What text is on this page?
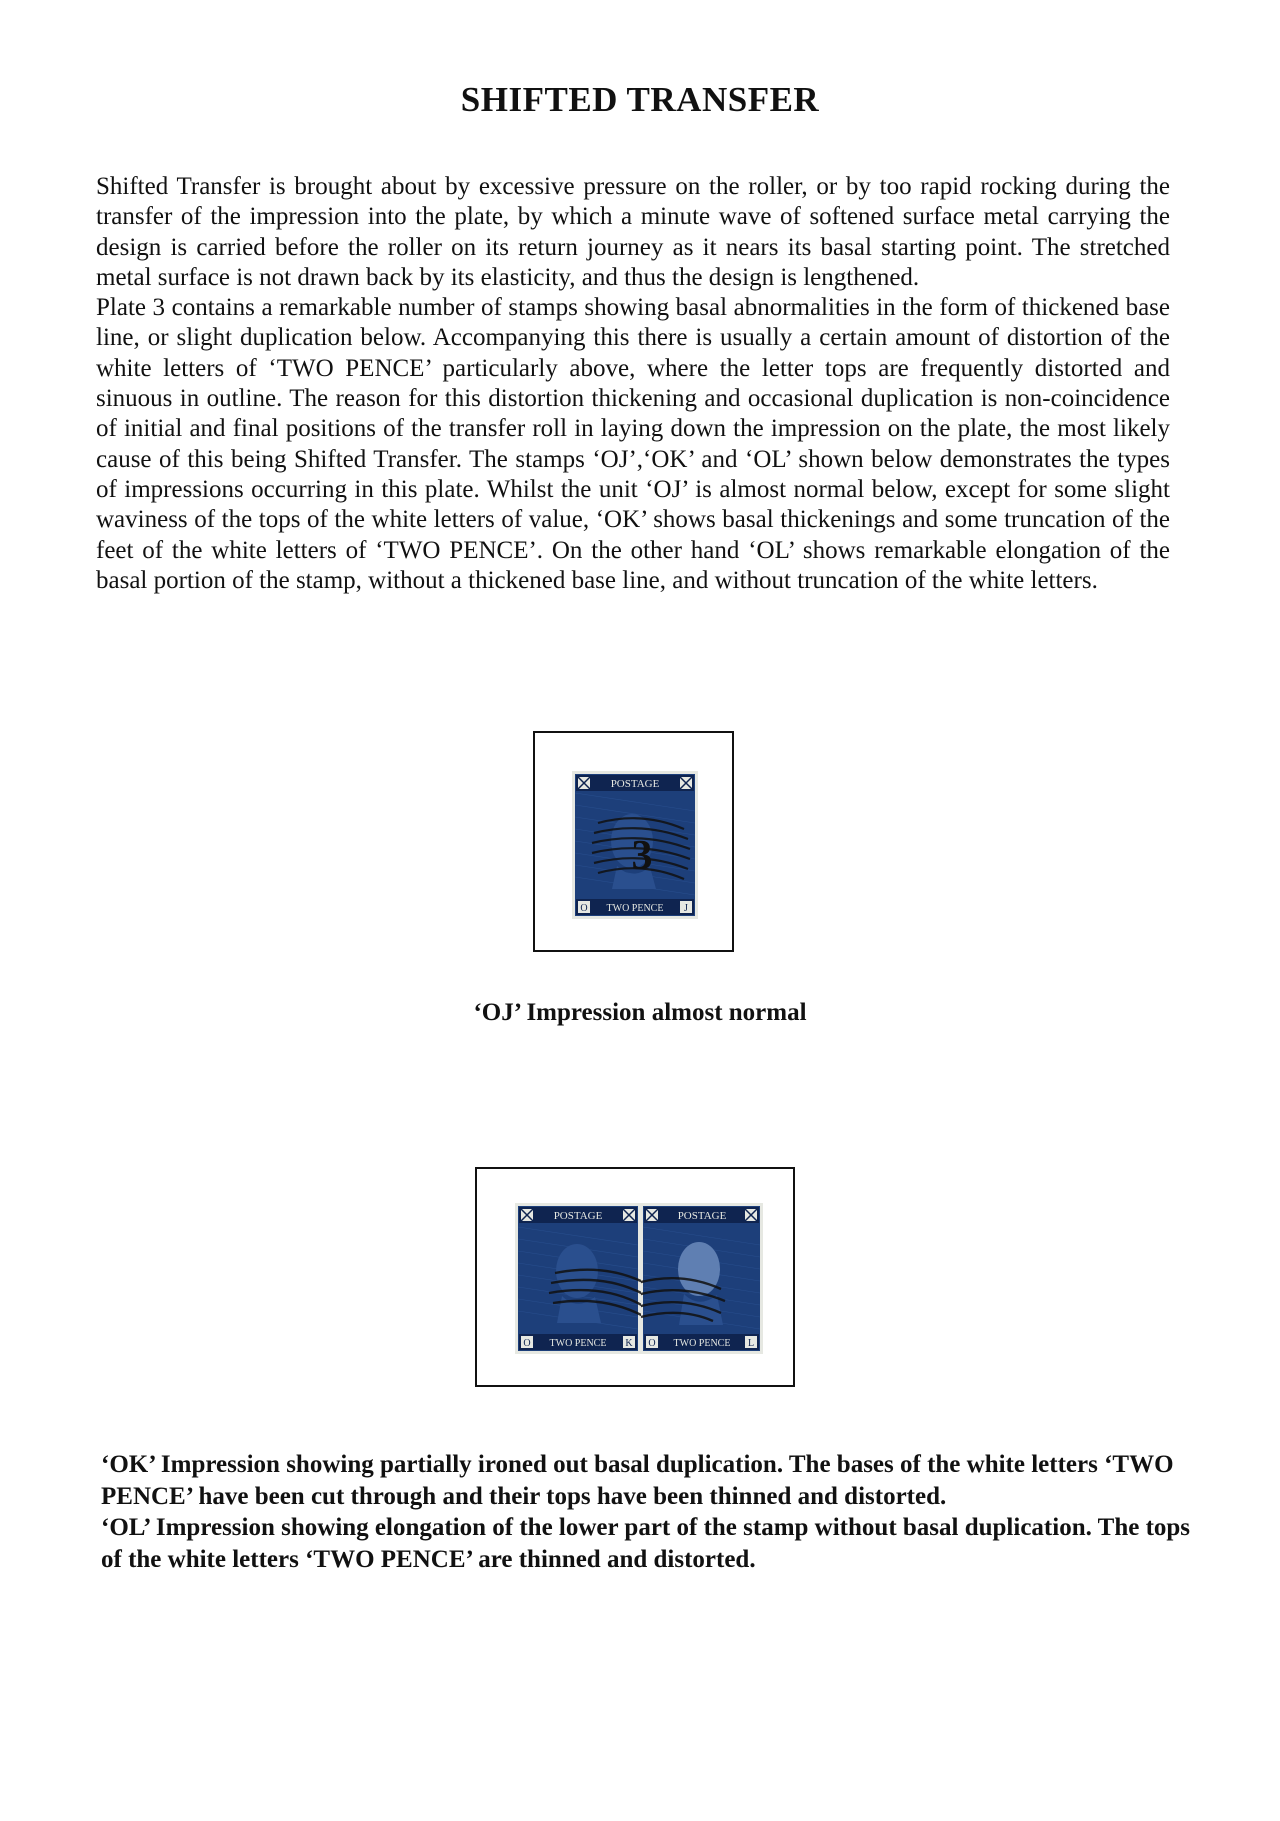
SHIFTED TRANSFER

Shifted Transfer is brought about by excessive pressure on the roller, or by too rapid rocking during the transfer of the impression into the plate, by which a minute wave of softened surface metal carrying the design is carried before the roller on its return journey as it nears its basal starting point. The stretched metal surface is not drawn back by its elasticity, and thus the design is lengthened.

Plate 3 contains a remarkable number of stamps showing basal abnormalities in the form of thickened base line, or slight duplication below. Accompanying this there is usually a certain amount of distortion of the white letters of ‘TWO PENCE’ particularly above, where the letter tops are frequently distorted and sinuous in outline. The reason for this distortion thickening and occasional duplication is non-coincidence of initial and final positions of the transfer roll in laying down the impression on the plate, the most likely cause of this being Shifted Transfer. The stamps ‘OJ’,‘OK’ and ‘OL’ shown below demonstrates the types of impressions occurring in this plate. Whilst the unit ‘OJ’ is almost normal below, except for some slight waviness of the tops of the white letters of value, ‘OK’ shows basal thickenings and some truncation of the feet of the white letters of ‘TWO PENCE’. On the other hand ‘OL’ shows remarkable elongation of the basal portion of the stamp, without a thickened base line, and without truncation of the white letters.

POSTAGE
3
O	J
TWO PENCE
‘OJ’ Impression almost normal
POSTAGE
O	K
TWO PENCE
POSTAGE
O	L
TWO PENCE

‘OK’ Impression showing partially ironed out basal duplication. The bases of the white letters ‘TWO PENCE’ have been cut through and their tops have been thinned and distorted.

‘OL’ Impression showing elongation of the lower part of the stamp without basal duplication. The tops of the white letters ‘TWO PENCE’ are thinned and distorted.
